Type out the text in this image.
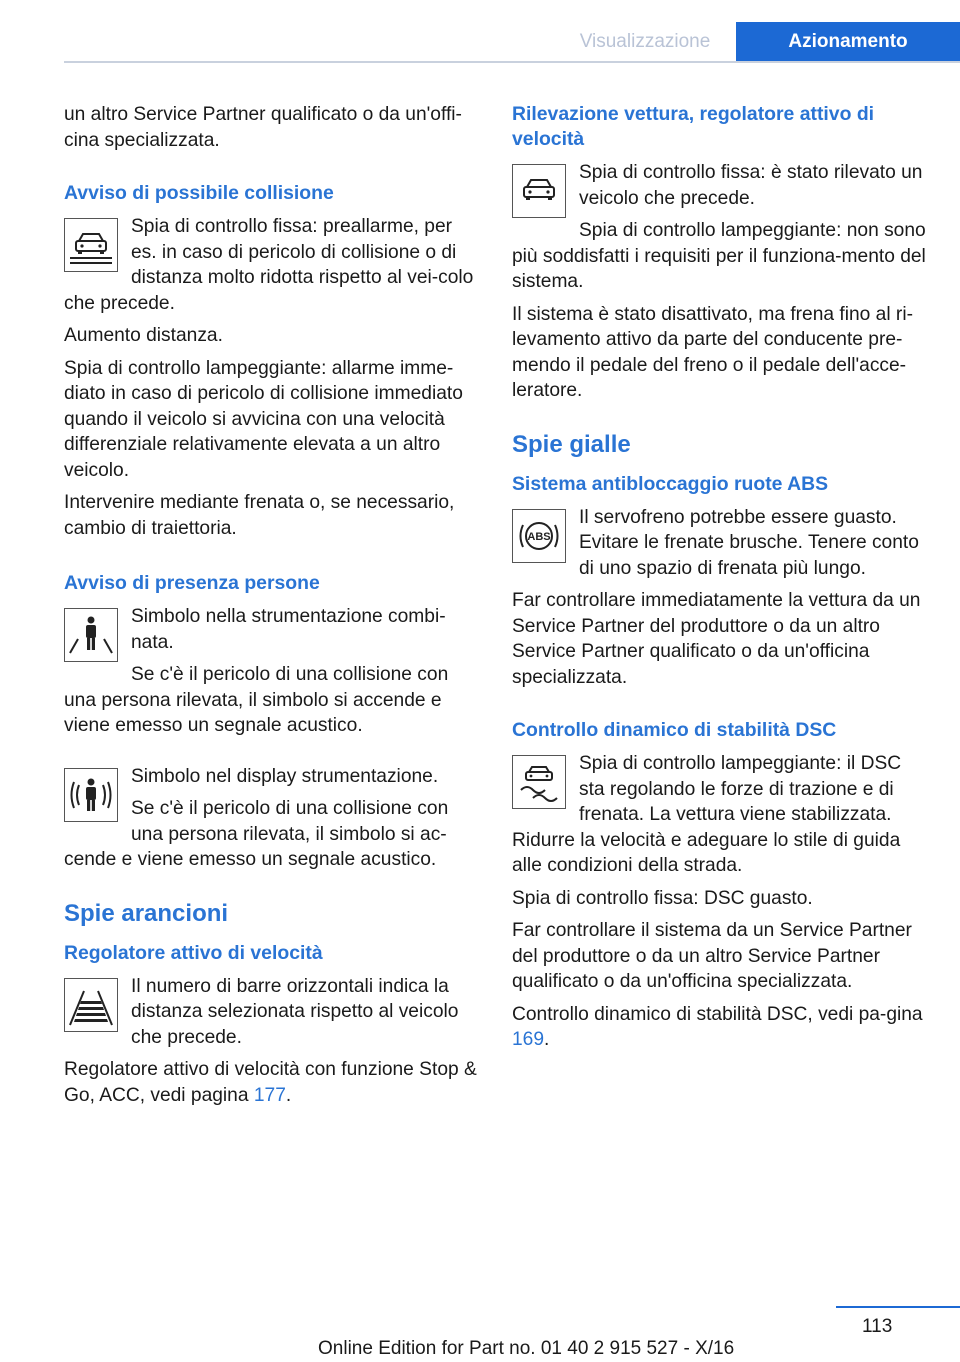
Visualizzazione	Azionamento

un altro Service Partner qualificato o da un'offi-cina specializzata.

Avviso di possibile collisione

Spia di controllo fissa: preallarme, per es. in caso di pericolo di collisione o di distanza molto ridotta rispetto al vei-colo che precede.

Aumento distanza.

Spia di controllo lampeggiante: allarme imme-diato in caso di pericolo di collisione immediato quando il veicolo si avvicina con una velocità differenziale relativamente elevata a un altro veicolo.

Intervenire mediante frenata o, se necessario, cambio di traiettoria.

Avviso di presenza persone

Simbolo nella strumentazione combi-nata.

Se c'è il pericolo di una collisione con una persona rilevata, il simbolo si accende e viene emesso un segnale acustico.

Simbolo nel display strumentazione.

Se c'è il pericolo di una collisione con una persona rilevata, il simbolo si ac-cende e viene emesso un segnale acustico.

Spie arancioni
Regolatore attivo di velocità

Il numero di barre orizzontali indica la distanza selezionata rispetto al veicolo che precede.

Regolatore attivo di velocità con funzione Stop & Go, ACC, vedi pagina 177.

Rilevazione vettura, regolatore attivo di velocità

Spia di controllo fissa: è stato rilevato un veicolo che precede.

Spia di controllo lampeggiante: non sono più soddisfatti i requisiti per il funziona-mento del sistema.

Il sistema è stato disattivato, ma frena fino al ri-levamento attivo da parte del conducente pre-mendo il pedale del freno o il pedale dell'acce-leratore.

Spie gialle
Sistema antibloccaggio ruote ABS
ABS

Il servofreno potrebbe essere guasto. Evitare le frenate brusche. Tenere conto di uno spazio di frenata più lungo.

Far controllare immediatamente la vettura da un Service Partner del produttore o da un altro Service Partner qualificato o da un'officina specializzata.

Controllo dinamico di stabilità DSC

Spia di controllo lampeggiante: il DSC sta regolando le forze di trazione e di frenata. La vettura viene stabilizzata. Ridurre la velocità e adeguare lo stile di guida alle condizioni della strada.

Spia di controllo fissa: DSC guasto.

Far controllare il sistema da un Service Partner del produttore o da un altro Service Partner qualificato o da un'officina specializzata.

Controllo dinamico di stabilità DSC, vedi pa-gina 169.

113
Online Edition for Part no. 01 40 2 915 527 - X/16
